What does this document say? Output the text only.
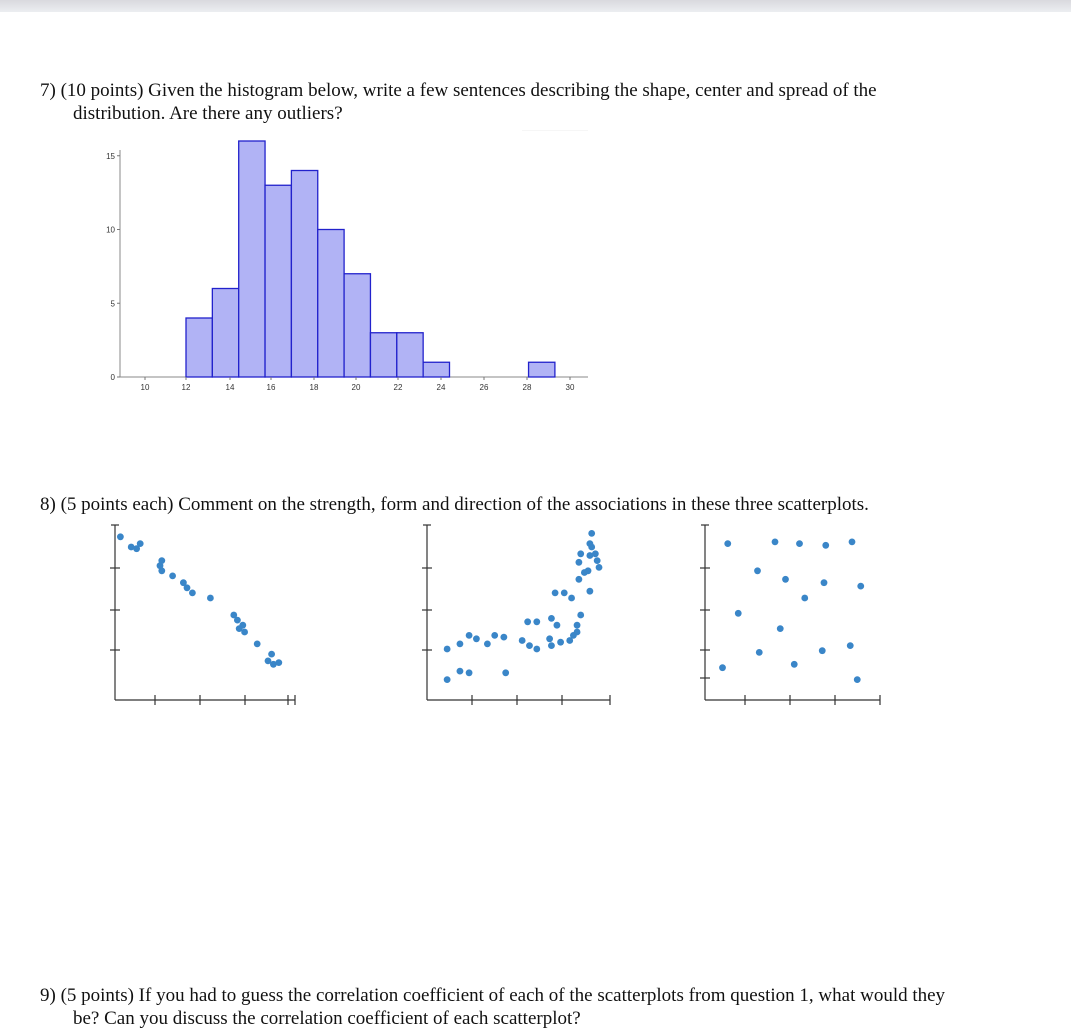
7) (10 points) Given the histogram below, write a few sentences describing the shape, center and spread of the
distribution. Are there any outliers?
0
5
10
15
10	12	14	16	18	20	22	24	26	28	30
8) (5 points each) Comment on the strength, form and direction of the associations in these three scatterplots.
9) (5 points) If you had to guess the correlation coefficient of each of the scatterplots from question 1, what would they
be? Can you discuss the correlation coefficient of each scatterplot?
